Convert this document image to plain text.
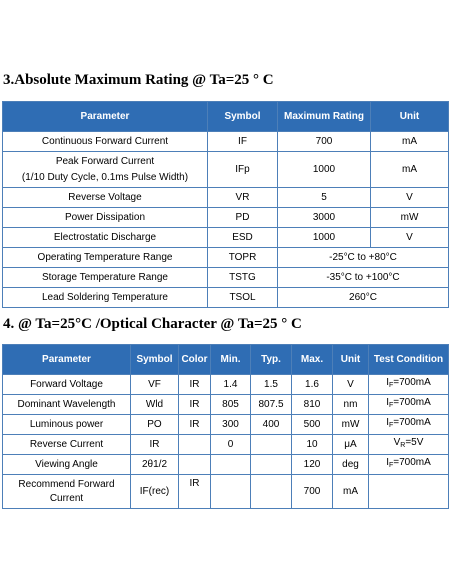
3.Absolute Maximum Rating @ Ta=25 ° C
Parameter	Symbol	Maximum Rating	Unit
Continuous Forward Current	IF	700	mA
Peak Forward Current
(1/10 Duty Cycle, 0.1ms Pulse Width)	IFp	1000	mA
Reverse Voltage	VR	5	V
Power Dissipation	PD	3000	mW
Electrostatic Discharge	ESD	1000	V
Operating Temperature Range	TOPR	-25°C to +80°C	
Storage Temperature Range	TSTG	-35°C to +100°C	
Lead Soldering Temperature	TSOL	260°C	
4. @ Ta=25°C /Optical Character @ Ta=25 ° C
Parameter	Symbol	Color	Min.	Typ.	Max.	Unit	Test Condition
Forward Voltage	VF	IR	1.4	1.5	1.6	V	$I_F=700mA$
Dominant Wavelength	Wld	IR	805	807.5	810	nm	$I_F=700mA$
Luminous power	PO	IR	300	400	500	mW	$I_F=700mA$
Reverse Current	IR		0		10	μA	$V_R=5V$
Viewing Angle	2θ1/2				120	deg	$I_F=700mA$
Recommend Forward
Current	IF(rec)	IR			700	mA	
